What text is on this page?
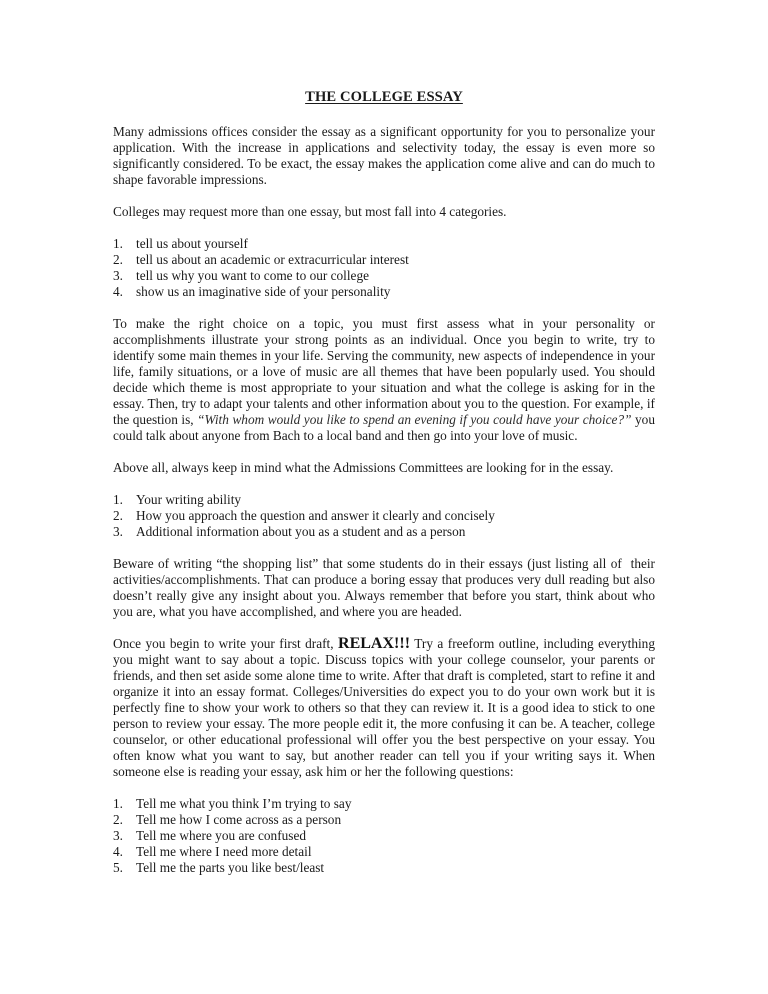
THE COLLEGE ESSAY

Many admissions offices consider the essay as a significant opportunity for you to personalize your application. With the increase in applications and selectivity today, the essay is even more so significantly considered. To be exact, the essay makes the application come alive and can do much to shape favorable impressions.

Colleges may request more than one essay, but most fall into 4 categories.

1. tell us about yourself
2. tell us about an academic or extracurricular interest
3. tell us why you want to come to our college
4. show us an imaginative side of your personality

To make the right choice on a topic, you must first assess what in your personality or accomplishments illustrate your strong points as an individual. Once you begin to write, try to identify some main themes in your life. Serving the community, new aspects of independence in your life, family situations, or a love of music are all themes that have been popularly used. You should decide which theme is most appropriate to your situation and what the college is asking for in the essay. Then, try to adapt your talents and other information about you to the question. For example, if the question is, “With whom would you like to spend an evening if you could have your choice?” you could talk about anyone from Bach to a local band and then go into your love of music.

Above all, always keep in mind what the Admissions Committees are looking for in the essay.

1. Your writing ability
2. How you approach the question and answer it clearly and concisely
3. Additional information about you as a student and as a person

Beware of writing “the shopping list” that some students do in their essays (just listing all of  their activities/accomplishments. That can produce a boring essay that produces very dull reading but also doesn’t really give any insight about you. Always remember that before you start, think about who you are, what you have accomplished, and where you are headed.

Once you begin to write your first draft, RELAX!!! Try a freeform outline, including everything you might want to say about a topic. Discuss topics with your college counselor, your parents or friends, and then set aside some alone time to write. After that draft is completed, start to refine it and organize it into an essay format. Colleges/Universities do expect you to do your own work but it is perfectly fine to show your work to others so that they can review it. It is a good idea to stick to one person to review your essay. The more people edit it, the more confusing it can be. A teacher, college counselor, or other educational professional will offer you the best perspective on your essay. You often know what you want to say, but another reader can tell you if your writing says it. When someone else is reading your essay, ask him or her the following questions:

1. Tell me what you think I’m trying to say
2. Tell me how I come across as a person
3. Tell me where you are confused
4. Tell me where I need more detail
5. Tell me the parts you like best/least
